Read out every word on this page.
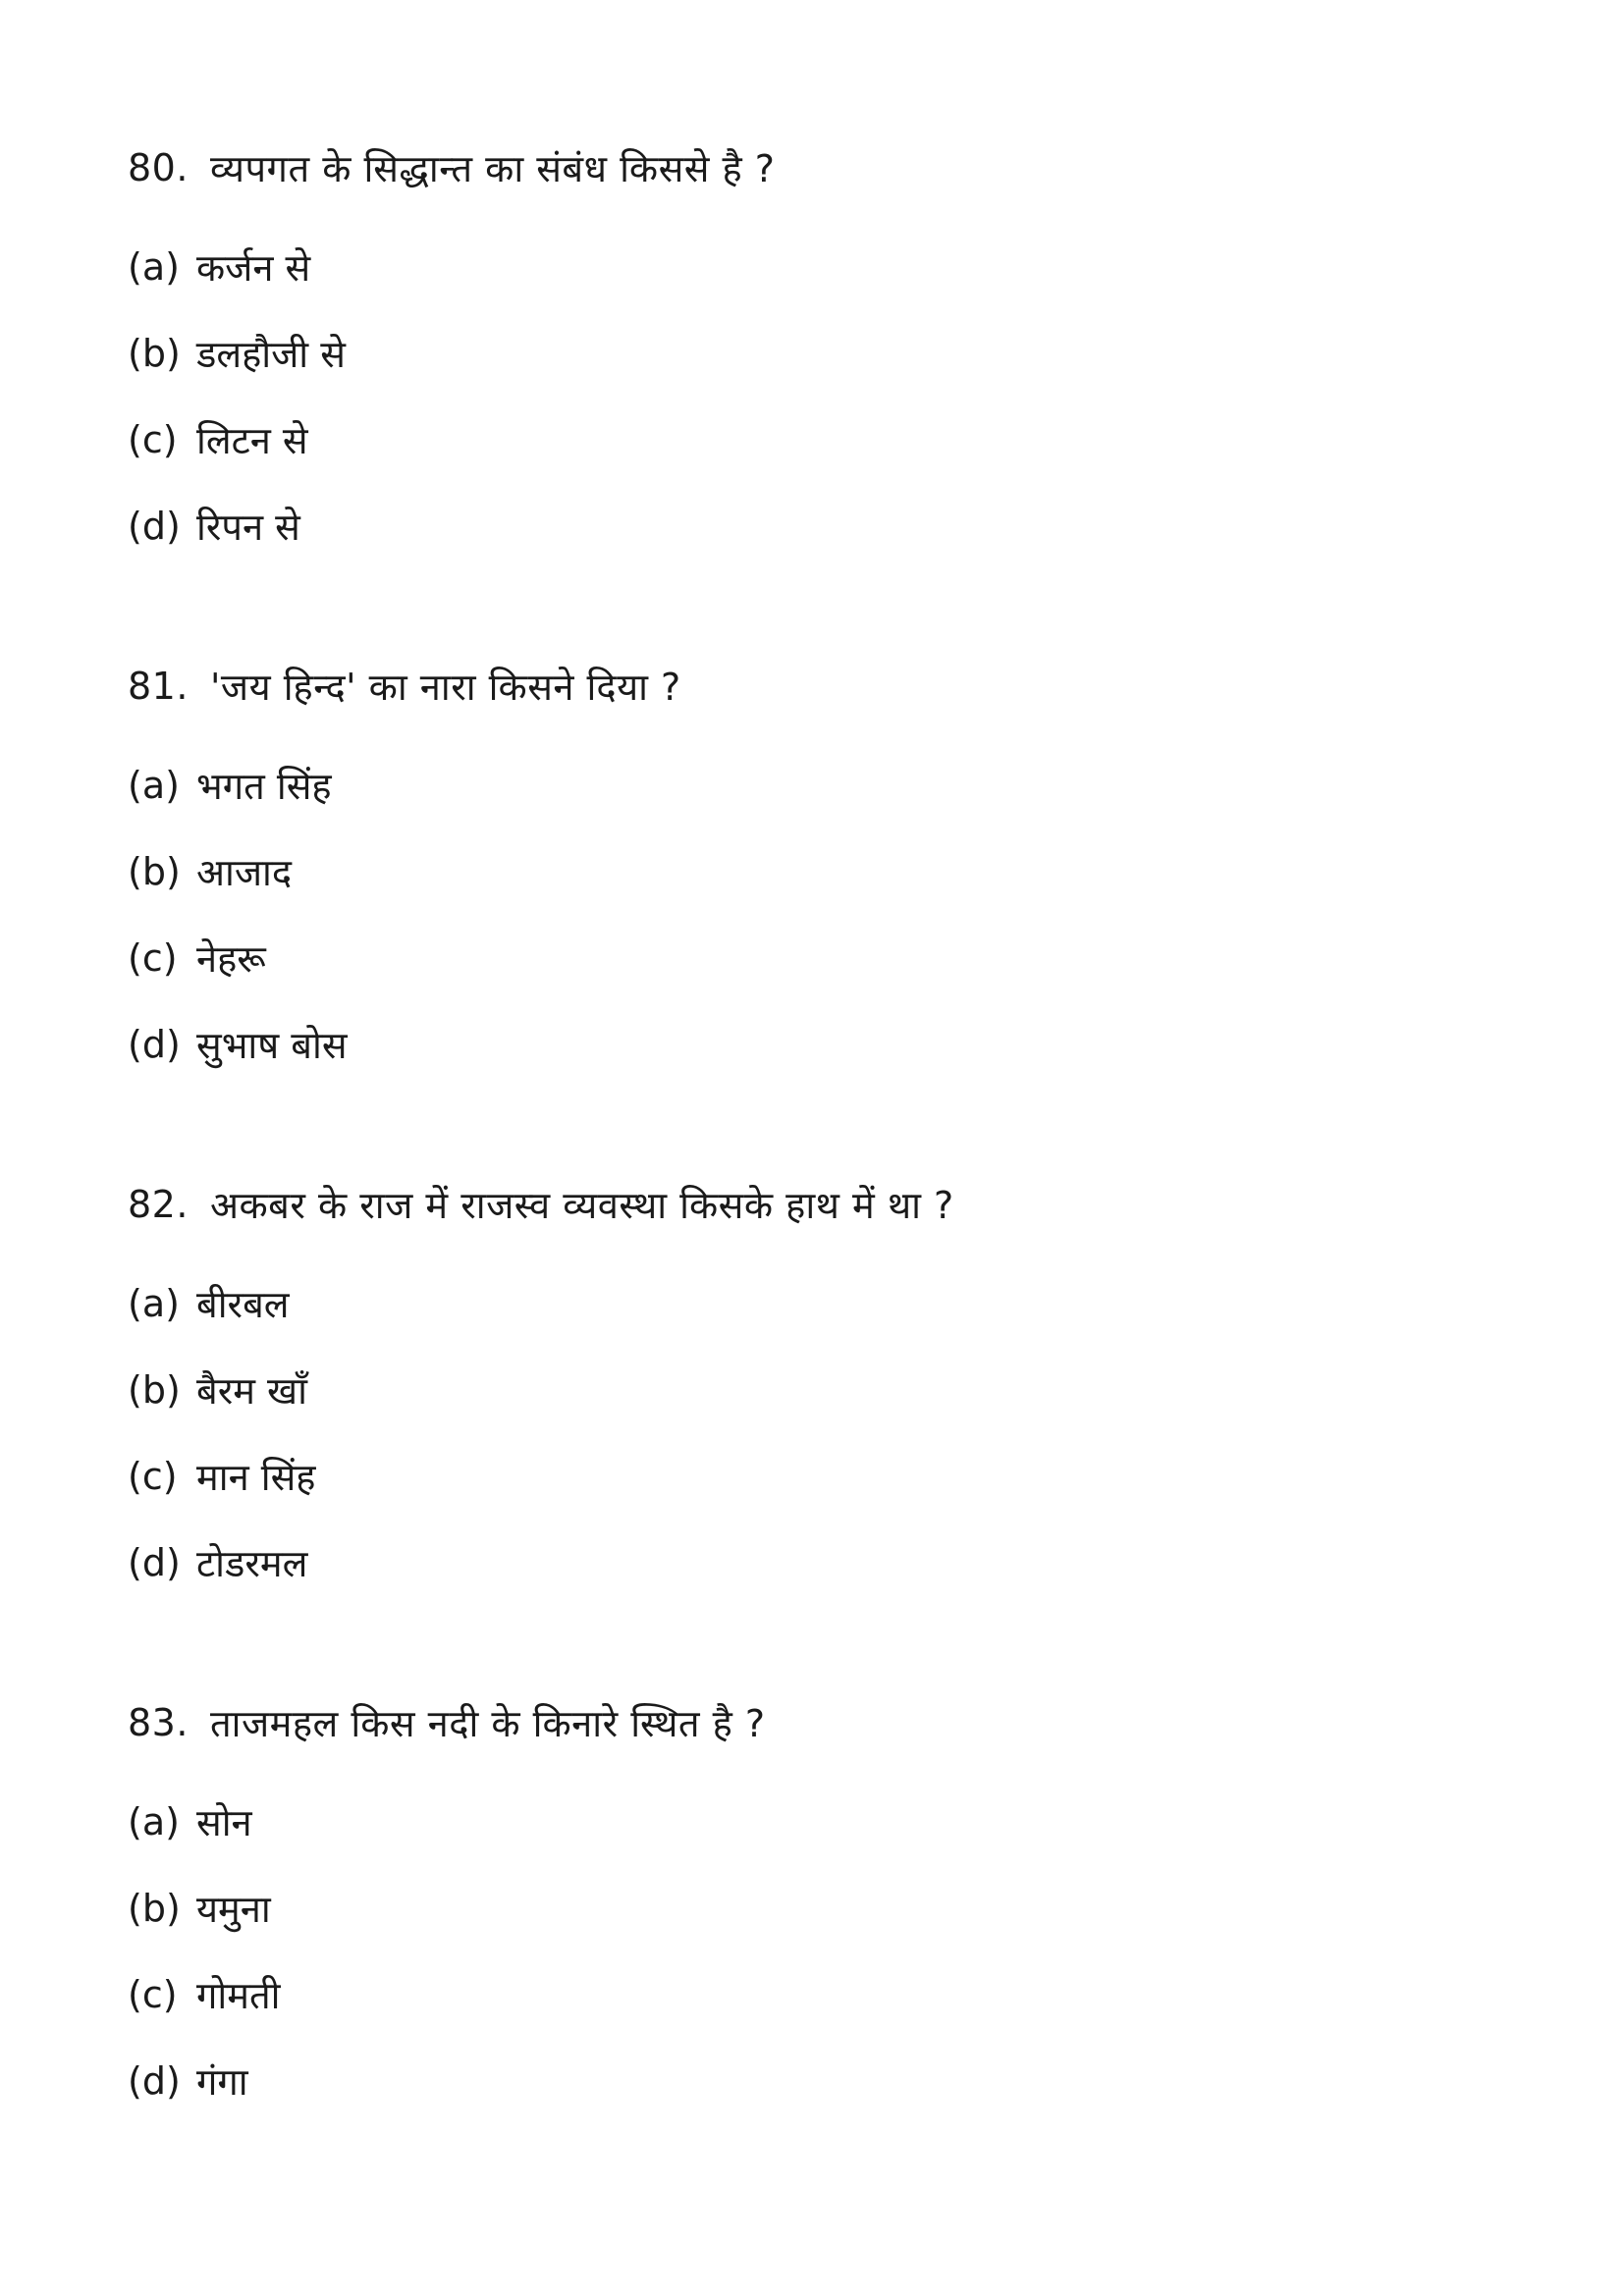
80. व्यपगत के सिद्धान्त का संबंध किससे है ?
(a) कर्जन से
(b) डलहौजी से
(c) लिटन से
(d) रिपन से
81. 'जय हिन्द' का नारा किसने दिया ?
(a) भगत सिंह
(b) आजाद
(c) नेहरू
(d) सुभाष बोस
82. अकबर के राज में राजस्व व्यवस्था किसके हाथ में था ?
(a) बीरबल
(b) बैरम खाँ
(c) मान सिंह
(d) टोडरमल
83. ताजमहल किस नदी के किनारे स्थित है ?
(a) सोन
(b) यमुना
(c) गोमती
(d) गंगा
